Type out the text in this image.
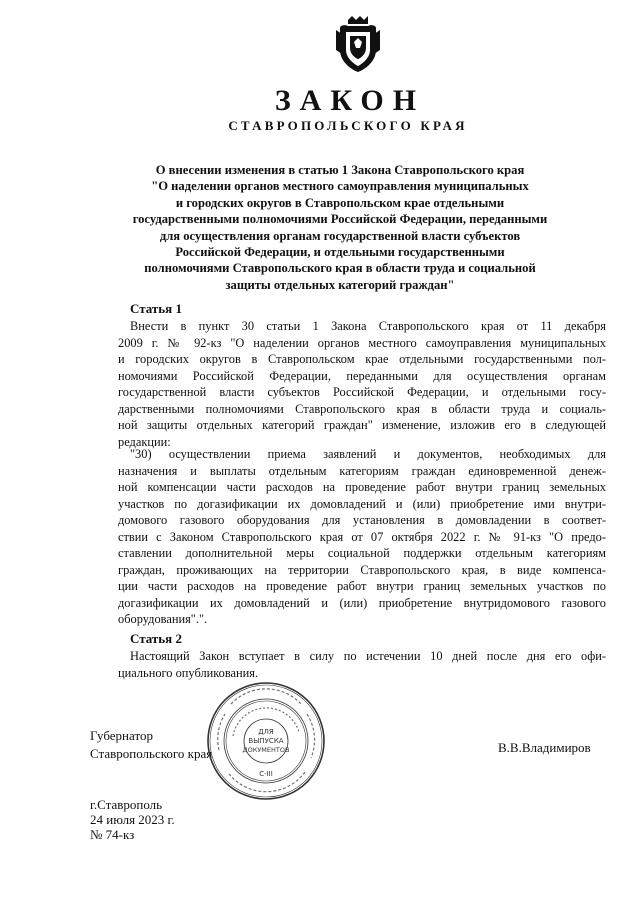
ЗАКОН
СТАВРОПОЛЬСКОГО КРАЯ
О внесении изменения в статью 1 Закона Ставропольского края
"О наделении органов местного самоуправления муниципальных
и городских округов в Ставропольском крае отдельными
государственными полномочиями Российской Федерации, переданными
для осуществления органам государственной власти субъектов
Российской Федерации, и отдельными государственными
полномочиями Ставропольского края в области труда и социальной
защиты отдельных категорий граждан"
Статья 1
Внести в пункт 30 статьи 1 Закона Ставропольского края от 11 декабря
2009 г. № 92-кз "О наделении органов местного самоуправления муниципальных
и городских округов в Ставропольском крае отдельными государственными пол-
номочиями Российской Федерации, переданными для осуществления органам
государственной власти субъектов Российской Федерации, и отдельными госу-
дарственными полномочиями Ставропольского края в области труда и социаль-
ной защиты отдельных категорий граждан" изменение, изложив его в следующей
редакции:
"30) осуществлении приема заявлений и документов, необходимых для
назначения и выплаты отдельным категориям граждан единовременной денеж-
ной компенсации части расходов на проведение работ внутри границ земельных
участков по догазификации их домовладений и (или) приобретение ими внутри-
домового газового оборудования для установления в домовладении в соответ-
ствии с Законом Ставропольского края от 07 октября 2022 г. № 91-кз "О предо-
ставлении дополнительной меры социальной поддержки отдельным категориям
граждан, проживающих на территории Ставропольского края, в виде компенса-
ции части расходов на проведение работ внутри границ земельных участков по
догазификации их домовладений и (или) приобретение внутридомового газового
оборудования".".
Статья 2
Настоящий Закон вступает в силу по истечении 10 дней после дня его офи-
циального опубликования.
Губернатор
Ставропольского края
ДЛЯ
ВЫПУСКА
ДОКУМЕНТОВ
С-III
В.В.Владимиров
г.Ставрополь
24 июля 2023 г.
№ 74-кз
